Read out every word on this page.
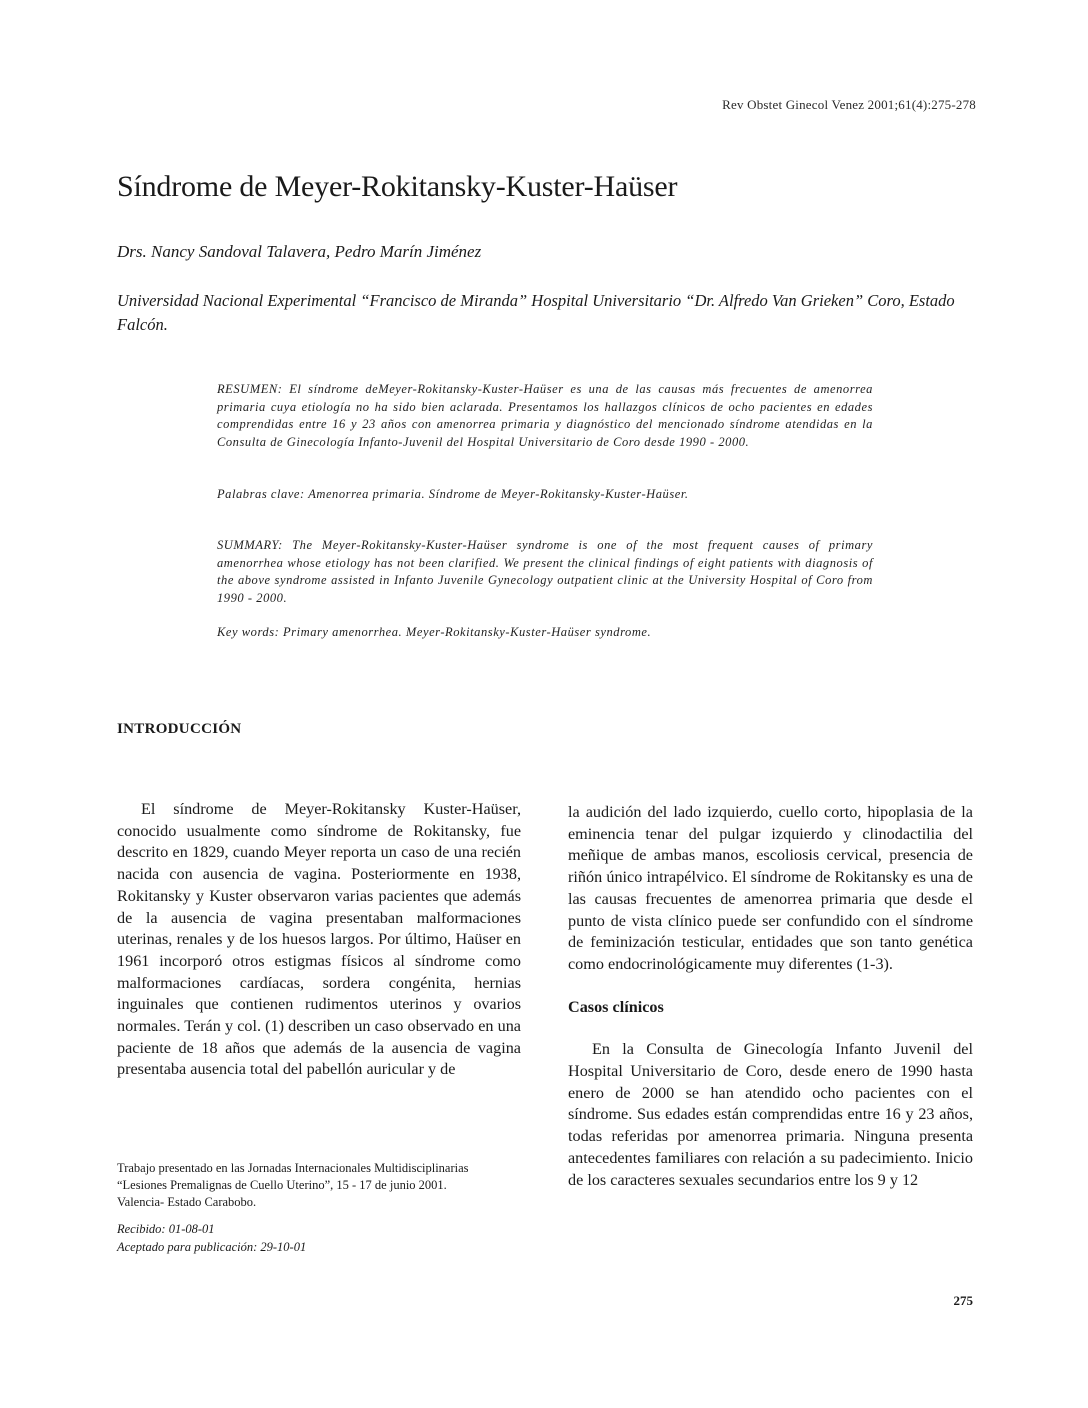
Rev Obstet Ginecol Venez 2001;61(4):275-278
Síndrome de Meyer-Rokitansky-Kuster-Haüser
Drs. Nancy Sandoval Talavera, Pedro Marín Jiménez
Universidad Nacional Experimental “Francisco de Miranda” Hospital Universitario “Dr. Alfredo Van Grieken” Coro, Estado Falcón.
RESUMEN: El síndrome deMeyer-Rokitansky-Kuster-Haüser es una de las causas más frecuentes de amenorrea primaria cuya etiología no ha sido bien aclarada. Presentamos los hallazgos clínicos de ocho pacientes en edades comprendidas entre 16 y 23 años con amenorrea primaria y diagnóstico del mencionado síndrome atendidas en la Consulta de Ginecología Infanto-Juvenil del Hospital Universitario de Coro desde 1990 - 2000.
Palabras clave: Amenorrea primaria. Síndrome de Meyer-Rokitansky-Kuster-Haüser.
SUMMARY: The Meyer-Rokitansky-Kuster-Haüser syndrome is one of the most frequent causes of primary amenorrhea whose etiology has not been clarified. We present the clinical findings of eight patients with diagnosis of the above syndrome assisted in Infanto Juvenile Gynecology outpatient clinic at the University Hospital of Coro from 1990 - 2000.
Key words: Primary amenorrhea. Meyer-Rokitansky-Kuster-Haüser syndrome.
INTRODUCCIÓN

El síndrome de Meyer-Rokitansky Kuster-Haüser, conocido usualmente como síndrome de Rokitansky, fue descrito en 1829, cuando Meyer reporta un caso de una recién nacida con ausencia de vagina. Posteriormente en 1938, Rokitansky y Kuster observaron varias pacientes que además de la ausencia de vagina presentaban malformaciones uterinas, renales y de los huesos largos. Por último, Haüser en 1961 incorporó otros estigmas físicos al síndrome como malformaciones cardíacas, sordera congénita, hernias inguinales que contienen rudimentos uterinos y ovarios normales. Terán y col. (1) describen un caso observado en una paciente de 18 años que además de la ausencia de vagina presentaba ausencia total del pabellón auricular y de

la audición del lado izquierdo, cuello corto, hipoplasia de la eminencia tenar del pulgar izquierdo y clinodactilia del meñique de ambas manos, escoliosis cervical, presencia de riñón único intrapélvico. El síndrome de Rokitansky es una de las causas frecuentes de amenorrea primaria que desde el punto de vista clínico puede ser confundido con el síndrome de feminización testicular, entidades que son tanto genética como endocrinológicamente muy diferentes (1-3).

Casos clínicos

En la Consulta de Ginecología Infanto Juvenil del Hospital Universitario de Coro, desde enero de 1990 hasta enero de 2000 se han atendido ocho pacientes con el síndrome. Sus edades están comprendidas entre 16 y 23 años, todas referidas por amenorrea primaria. Ninguna presenta antecedentes familiares con relación a su padecimiento. Inicio de los caracteres sexuales secundarios entre los 9 y 12

Trabajo presentado en las Jornadas Internacionales Multidisciplinarias
“Lesiones Premalignas de Cuello Uterino”, 15 - 17 de junio 2001.
Valencia- Estado Carabobo.
Recibido: 01-08-01
Aceptado para publicación: 29-10-01
275
